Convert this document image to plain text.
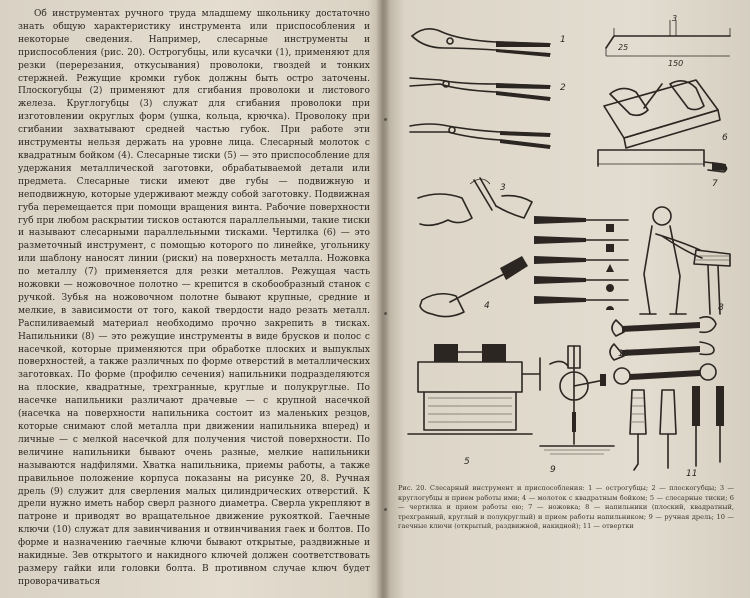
Об инструментах ручного труда младшему школьнику достаточно знать общую характеристику инструмента или приспособления и некоторые сведения. Например, слесарные инструменты и приспособления (рис. 20). Острогубцы, или кусачки (1), применяют для резки (перерезания, откусывания) проволоки, гвоздей и тонких стержней. Режущие кромки губок должны быть остро заточены. Плоскогубцы (2) применяют для сгибания проволоки и листового железа. Круглогубцы (3) служат для сгибания проволоки при изготовлении округлых форм (ушка, кольца, крючка). Проволоку при сгибании захватывают средней частью губок. При работе эти инструменты нельзя держать на уровне лица. Слесарный молоток с квадратным бойком (4). Слесарные тиски (5) — это приспособление для удержания металлической заготовки, обрабатываемой детали или предмета. Слесарные тиски имеют две губы — подвижную и неподвижную, которые удерживают между собой заготовку. Подвижная губа перемещается при помощи вращения винта. Рабочие поверхности губ при любом раскрытии тисков остаются параллельными, такие тиски и называют слесарными параллельными тисками. Чертилка (6) — это разметочный инструмент, с помощью которого по линейке, угольнику или шаблону наносят линии (риски) на поверхность металла. Ножовка по металлу (7) применяется для резки металлов. Режущая часть ножовки — ножовочное полотно — крепится в скобообразный станок с ручкой. Зубья на ножовочном полотне бывают крупные, средние и мелкие, в зависимости от того, какой твердости надо резать металл. Распиливаемый материал необходимо прочно закрепить в тисках. Напильники (8) — это режущие инструменты в виде брусков и полос с насечкой, которые применяются при обработке плоских и выпуклых поверхностей, а также различных по форме отверстий в металлических заготовках. По форме (профилю сечения) напильники подразделяются на плоские, квадратные, трехгранные, круглые и полукруглые. По насечке напильники различают драчевые — с крупной насечкой (насечка на поверхности напильника состоит из маленьких резцов, которые снимают слой металла при движении напильника вперед) и личные — с мелкой насечкой для получения чистой поверхности. По величине напильники бывают очень разные, мелкие напильники называются надфилями. Хватка напильника, приемы работы, а также правильное положение корпуса показаны на рисунке 20, 8. Ручная дрель (9) служит для сверления малых цилиндрических отверстий. К дрели нужно иметь набор сверл разного диаметра. Сверла укрепляют в патроне и приводят во вращательное движение рукояткой. Гаечные ключи (10) служат для завинчивания и отвинчивания гаек и болтов. По форме и назначению гаечные ключи бывают открытые, раздвижные и накидные. Зев открытого и накидного ключей должен соответствовать размеру гайки или головки болта. В противном случае ключ будет проворачиваться

1
2
3
25
150
6
7
3
8
4
5
9
10
11

Рис. 20. Слесарный инструмент и приспособления: 1 — острогубцы; 2 — плоскогубцы; 3 — круглогубцы и прием работы ими; 4 — молоток с квадратным бойком; 5 — слесарные тиски; 6 — чертилка и прием работы ею; 7 — ножовка; 8 — напильники (плоский, квадратный, трехгранный, круглый и полукруглый) и прием работы напильником; 9 — ручная дрель; 10 — гаечные ключи (открытый, раздвижной, накидной); 11 — отвертки
